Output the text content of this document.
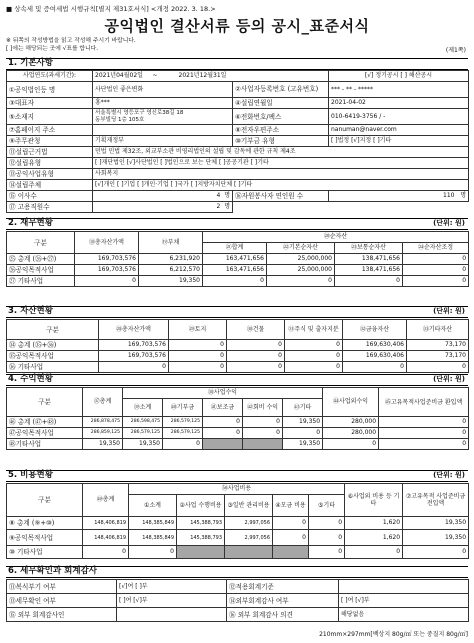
■ 상속세 및 증여세법 시행규칙[별지 제31호서식] <개정 2022. 3. 18.>
공익법인 결산서류 등의 공시_표준서식
※ 뒤쪽의 작성방법을 읽고 작성해 주시기 바랍니다.
[ ]에는 해당되는 곳에 √표를 합니다.	(제1쪽)
1. 기본사항
사업연도(과세기간):	2021년04월02일 ~ 2021년12월31일		[√] 정기공시 [ ] 해산공시
①공익법인등 명	사단법인 좋은변화	②사업자등록번호 (고유번호)	*** - ** - *****
③대표자	홍***	④설립연월일	2021-04-02
⑤소재지	서울특별시 영등포구 영신로38길 18
동부빌딩 1층 105호	⑥전화번호/팩스	010-6419-3756 / -
⑦홈페이지 주소		⑧전자우편주소	nanuman@naver.com
⑨주무관청	기획재정부	⑩기부금 유형	[ ]법정 [√]지정 [ ]기타
⑪설립근거법	민법 민법 제32조, 외교부소관 비영리법인의 설립 및 감독에 관한 규칙 제4조		
⑫설립유형	[ ]재단법인 [√]사단법인 [ ]법인으로 보는 단체 [ ]공공기관 [ ]기타		
⑬공익사업유형	사회복지		
⑭설립주체	[√]개인 [ ]기업 [ ]개인·기업 [ ]국가 [ ]지방자치단체 [ ]기타		
⑮ 이사수	4 명	⑯자원봉사자 연인원 수	110 명
⑰ 고용직원수	2 명		
2. 재무현황	(단위: 원)
구분	⑱총자산가액	⑲부채	⑳순자산			
			㉑합계	㉒기본순자산	㉓보통순자산	㉔순자산조정
㉕ 총계 (㉖+㉗)	169,703,576	6,231,920	163,471,656	25,000,000	138,471,656	0
㉖공익목적사업	169,703,576	6,212,570	163,471,656	25,000,000	138,471,656	0
㉗ 기타사업	0	19,350	0	0	0	0
3. 자산현황	(단위: 원)
구분	㉘총자산가액	㉙토지	㉚건물	㉛주식 및 출자지분	㉜금융자산	㉝기타자산
㉞ 총계 (㉟+㊱)	169,703,576	0	0	0	169,630,406	73,170
㉟공익목적사업	169,703,576	0	0	0	169,630,406	73,170
㊱ 기타사업	0	0	0	0	0	0
4. 수익현황	(단위: 원)
구분	㊲총계	㊳사업수익					㊹사업외수익	㊺고유목적사업준비금 환입액
		㊴소계	㊵기부금	㊶보조금	㊷회비 수익	㊸기타		
㊻ 총계 (㊼+㊽)	286,878,475	286,598,475	286,579,125	0	0	19,350	280,000	0
㊼공익목적사업	286,859,125	286,579,125	286,579,125	0	0	0	280,000	0
㊽기타사업	19,350	19,350	0			19,350	0	0
5. 비용현황	(단위: 원)
구분	㊾총계	㊿사업비용					⑥사업외 비용 등 기타	⑦고유목적 사업준비금전입액
		①소계	②사업 수행비용	③일반 관리비용	④모금 비용	⑤기타		
⑧ 총계 (⑨+⑩)	148,406,819	148,385,849	145,388,793	2,997,056	0	0	1,620	19,350
⑨공익목적사업	148,406,819	148,385,849	145,388,793	2,997,056	0	0	1,620	19,350
⑩ 기타사업	0	0				0	0	0
6. 세무확인과 회계감사
⑪복식부기 여부	[√]여 [ ]부	⑫적용회계기준	
⑬세무확인 여부	[ ]여 [√]부	⑭외부회계감사 여부	[ ]여 [√]부
⑮ 외부 회계감사인		⑯ 외부 회계감사 의견	해당없음
210mm×297mm[백상지 80g/㎡ 또는 중질지 80g/㎡]
